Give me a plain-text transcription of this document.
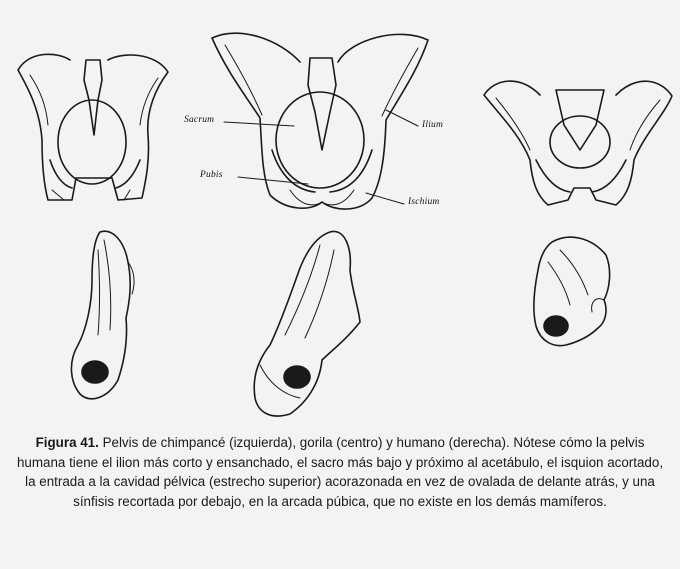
Sacrum	Ilium
Pubis
Ischium
Figura 41. Pelvis de chimpancé (izquierda), gorila (centro) y humano (derecha). Nótese cómo la pelvis humana tiene el ilion más corto y ensanchado, el sacro más bajo y próximo al acetábulo, el isquion acortado, la entrada a la cavidad pélvica (estrecho superior) acorazonada en vez de ovalada de delante atrás, y una sínfisis recortada por debajo, en la arcada púbica, que no existe en los demás mamíferos.
